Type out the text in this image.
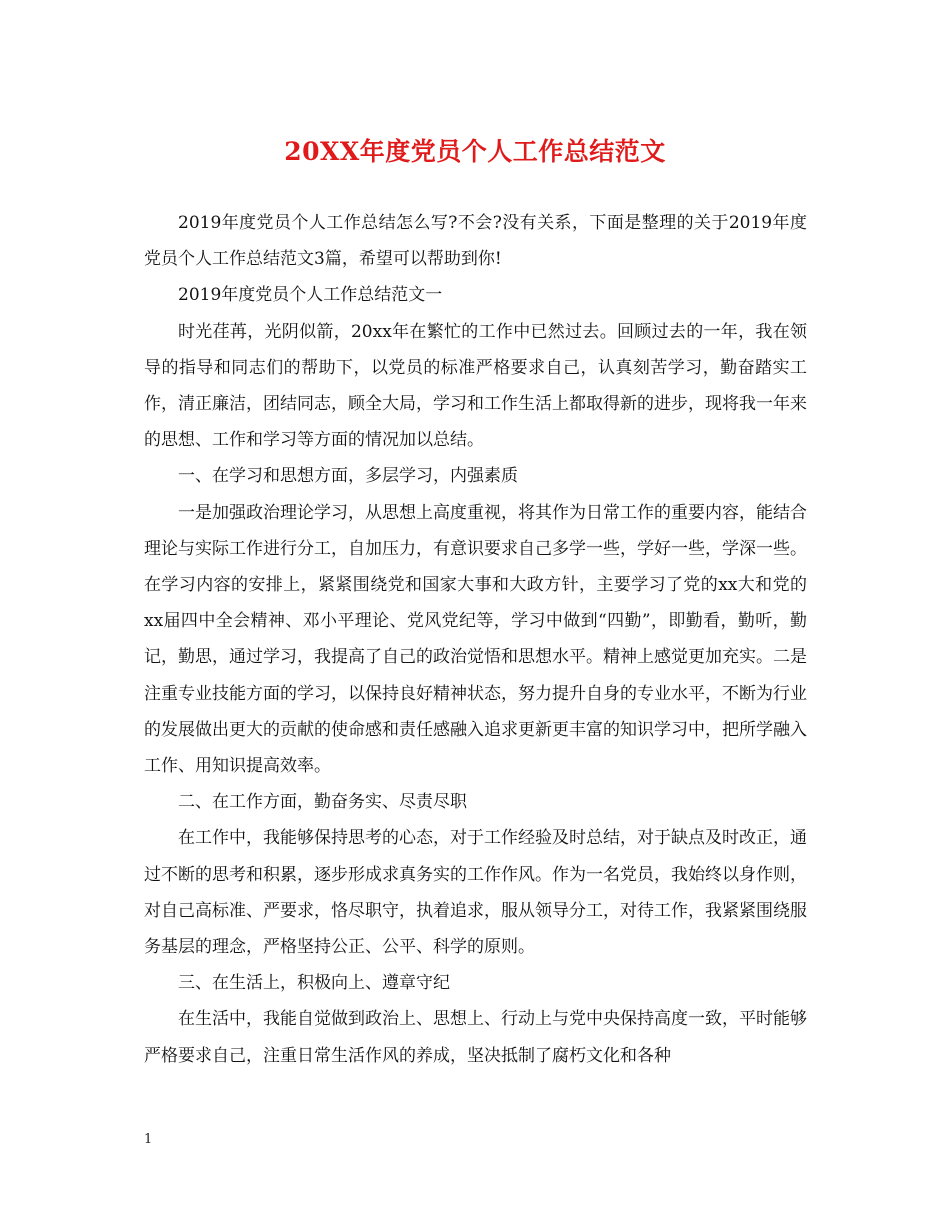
20XX年度党员个人工作总结范文

2019年度党员个人工作总结怎么写?不会?没有关系，下面是整理的关于2019年度党员个人工作总结范文3篇，希望可以帮助到你!

2019年度党员个人工作总结范文一

时光荏苒，光阴似箭，20xx年在繁忙的工作中已然过去。回顾过去的一年，我在领导的指导和同志们的帮助下，以党员的标准严格要求自己，认真刻苦学习，勤奋踏实工作，清正廉洁，团结同志，顾全大局，学习和工作生活上都取得新的进步，现将我一年来的思想、工作和学习等方面的情况加以总结。

一、在学习和思想方面，多层学习，内强素质

一是加强政治理论学习，从思想上高度重视，将其作为日常工作的重要内容，能结合理论与实际工作进行分工，自加压力，有意识要求自己多学一些，学好一些，学深一些。在学习内容的安排上，紧紧围绕党和国家大事和大政方针，主要学习了党的xx大和党的xx届四中全会精神、邓小平理论、党风党纪等，学习中做到“四勤”，即勤看，勤听，勤记，勤思，通过学习，我提高了自己的政治觉悟和思想水平。精神上感觉更加充实。二是注重专业技能方面的学习，以保持良好精神状态，努力提升自身的专业水平，不断为行业的发展做出更大的贡献的使命感和责任感融入追求更新更丰富的知识学习中，把所学融入工作、用知识提高效率。

二、在工作方面，勤奋务实、尽责尽职

在工作中，我能够保持思考的心态，对于工作经验及时总结，对于缺点及时改正，通过不断的思考和积累，逐步形成求真务实的工作作风。作为一名党员，我始终以身作则，对自己高标准、严要求，恪尽职守，执着追求，服从领导分工，对待工作，我紧紧围绕服务基层的理念，严格坚持公正、公平、科学的原则。

三、在生活上，积极向上、遵章守纪

在生活中，我能自觉做到政治上、思想上、行动上与党中央保持高度一致，平时能够严格要求自己，注重日常生活作风的养成，坚决抵制了腐朽文化和各种

1
